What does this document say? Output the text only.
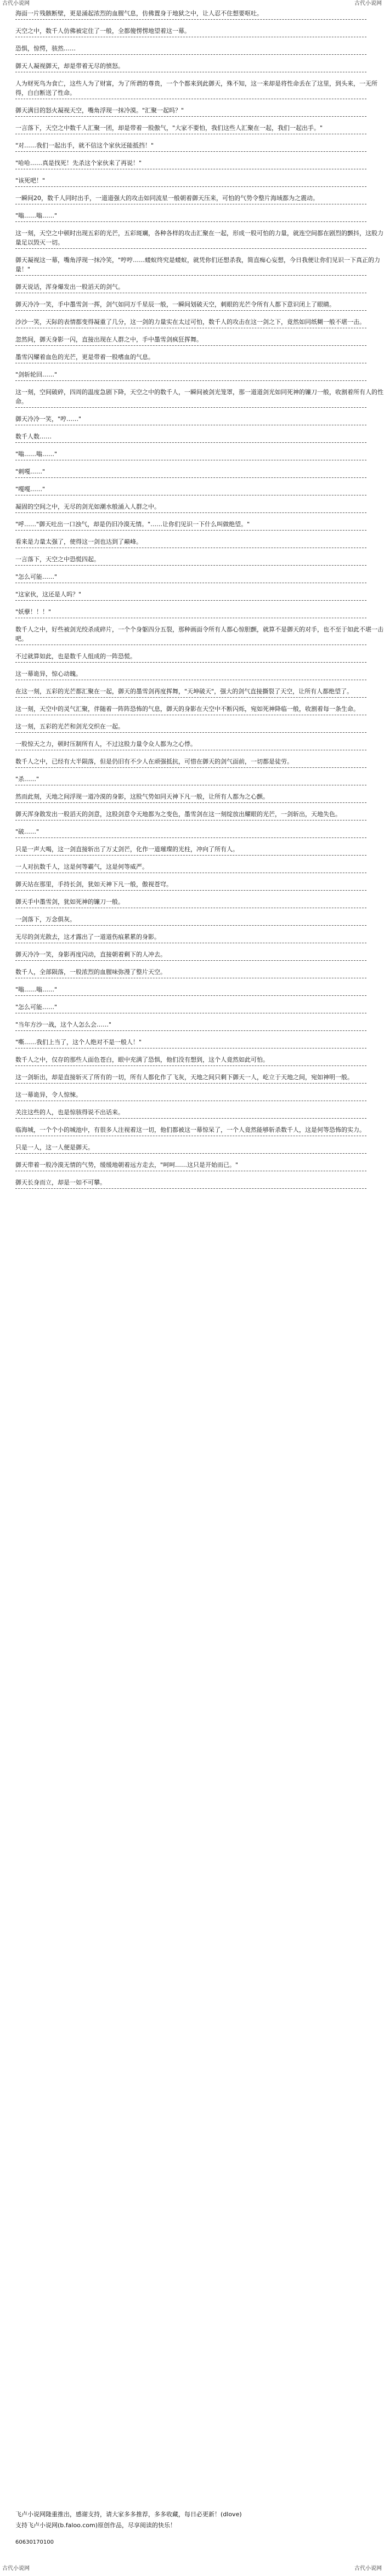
古代小说网	古代小说网
海面一片残骸断壁，更是涌起浓烈的血腥气息，仿佛置身于地狱之中，让人忍不住想要呕吐。
天空之中，数千人仿佛被定住了一般，全都傻愣愣地望着这一幕。
恐惧，惊愕，骇然……
御天人凝视御天，却是带着无尽的愤怒。
人为财死鸟为食亡，这些人为了财富，为了所谓的尊贵，一个个都来到此御天，殊不知，这一来却是将性命丢在了这里，到头来，一无所得，白白断送了性命。
御天满目的怒火凝视天空，嘴角浮现一抹冷漠。"汇聚一起吗？"
一言落下，天空之中数千人汇聚一团，却是带着一股傲气，"大家不要怕，我们这些人汇聚在一起，我们一起出手。"
"对……我们一起出手，就不信这个家伙还能抵挡！"
"哈哈……真是找死！先杀这个家伙来了再说！"
"该死吧！"
一瞬间20，数千人同时出手，一道道强大的攻击如同流星一般朝着御天压来，可怕的气势令整片海域都为之震动。
"嗡……嗡……"
这一刻，天空之中顿时出现五彩的光芒，五彩斑斓，各种各样的攻击汇聚在一起，形成一股可怕的力量，就连空间都在剧烈的颤抖，这股力量足以毁灭一切。
御天凝视这一幕，嘴角浮现一抹冷笑，"哼哼……蝼蚁终究是蝼蚁，就凭你们还想杀我，简直痴心妄想，今日我便让你们见识一下真正的力量！"
御天说话，浑身爆发出一股滔天的剑气。
御天冷冷一笑，手中墨雪剑一挥，剑气如同万千星辰一般，一瞬间划破天空，刺眼的光芒令所有人都下意识闭上了眼睛。
沙沙一笑，天际的表情都变得凝重了几分，这一剑的力量实在太过可怕，数千人的攻击在这一剑之下，竟然如同纸糊一般不堪一击。
忽然间，御天身影一闪，直接出现在人群之中，手中墨雪剑疯狂挥舞。
墨雪闪耀着血色的光芒，更是带着一股嗜血的气息。
"剑斩轮回……"
这一刻，空间破碎，四周的温度急剧下降，天空之中的数千人，一瞬间被剑光笼罩，那一道道剑光如同死神的镰刀一般，收割着所有人的性命。
御天冷冷一笑，"哼……"
数千人数……
"嗡……嗡……"
"刺嘎……"
"嘎嘎……"
凝固的空间之中，无尽的剑光如潮水般涌入人群之中。
"呼……"御天吐出一口浊气，却是仍旧冷漠无情。"……让你们见识一下什么叫做绝望。"
看来是力量太强了，使得这一剑也达到了巅峰。
一言落下，天空之中恐慌四起。
"怎么可能……"
"这家伙，这还是人吗？"
"妖孽！！！"
数千人之中，好些被剑光绞杀成碎片，一个个身躯四分五裂，那种画面令所有人都心惊胆颤，就算不是御天的对手，也不至于如此不堪一击吧。
不过就算如此，也是数千人组成的一阵恐慌。
这一幕诡异，惊心动魄。
在这一刻，五彩的光芒都汇聚在一起，御天的墨雪剑再度挥舞，"天坤破天"，强大的剑气直接撕裂了天空，让所有人都绝望了。
这一刻，天空中的灵气汇聚，伴随着一阵阵恐怖的气息，御天的身影在天空中不断闪烁，宛如死神降临一般，收割着每一条生命。
这一刻，五彩的光芒和剑光交织在一起。
一股惊天之力，顿时压制所有人，不过这股力量令众人都为之心悸。
数千人之中，已经有大半陨落，但是仍旧有不少人在顽强抵抗，可惜在御天的剑气面前，一切都是徒劳。
"杀……"
然而此刻，天地之间浮现一道冷漠的身影，这股气势如同天神下凡一般，让所有人都为之心颤。
御天浑身散发出一股滔天的剑意，这股剑意令天地都为之变色，墨雪剑在这一刻绽放出耀眼的光芒，一剑斩出，天地失色。
"破……"
只是一声大喝，这一剑直接斩出了万丈剑芒，化作一道璀璨的光柱，冲向了所有人。
一人对抗数千人，这是何等霸气，这是何等威严。
御天站在那里，手持长剑，犹如天神下凡一般，傲视苍穹。
御天手中墨雪剑，犹如死神的镰刀一般。
一剑落下，万念俱灰。
无尽的剑光散去，这才露出了一道道伤痕累累的身影。
御天冷冷一笑，身影再度闪动，直接朝着剩下的人冲去。
数千人，全部陨落，一股浓烈的血腥味弥漫了整片天空。
"嗡……嗡……"
"怎么可能……"
"当年方沙一战，这个人怎么会……"
"嘶……我们上当了，这个人绝对不是一般人！"
数千人之中，仅存的那些人面色苍白，眼中充满了恐惧，他们没有想到，这个人竟然如此可怕。
这一剑斩出，却是直接斩灭了所有的一切，所有人都化作了飞灰，天地之间只剩下御天一人，屹立于天地之间，宛如神明一般。
这一幕诡异，令人惊悚。
关注这些的人，也是惊骇得说不出话来。
临海城，一个个小的城池中，有很多人注视着这一切，他们都被这一幕惊呆了，一个人竟然能够斩杀数千人，这是何等恐怖的实力。
只是一人，这一人便是御天。
御天带着一股冷漠无情的气势，缓缓地朝着远方走去，"呵呵……这只是开始而已。"
御天长身而立，却是一如不可攀。
飞卢小说网隆重推出，感谢支持，请大家多多推荐，多多收藏，每日必更新！(dlove)
支持飞卢小说网(b.faloo.com)原创作品，尽享阅读的快乐！
60630170100
古代小说网	古代小说网
